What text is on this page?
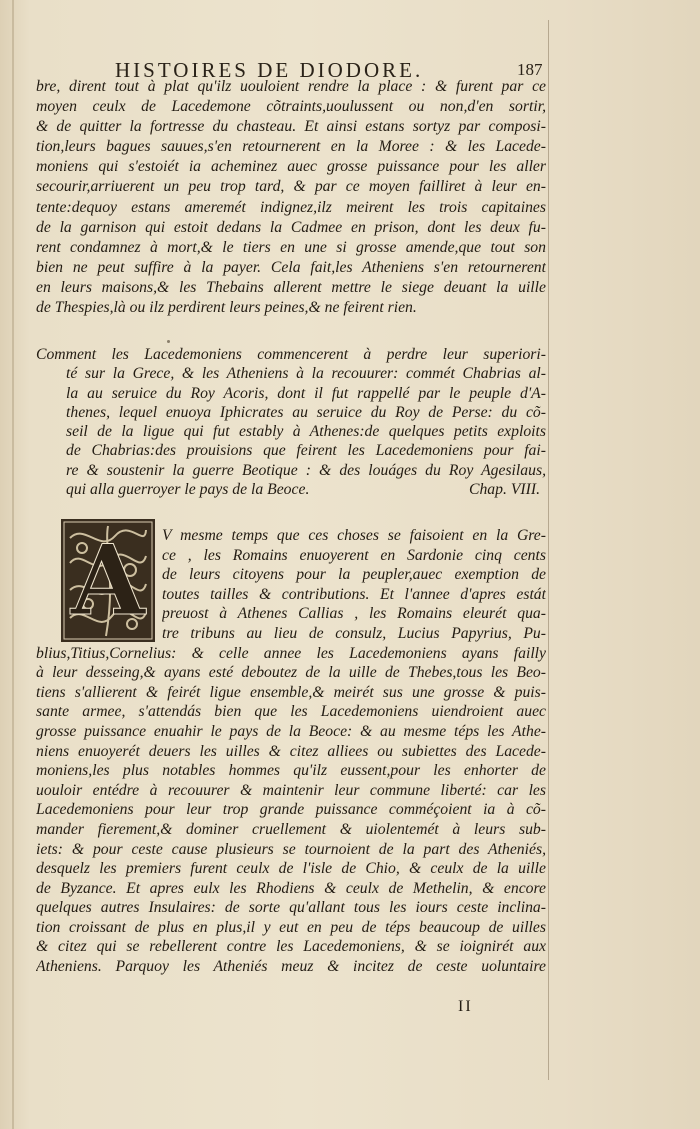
HISTOIRES DE DIODORE.	187
bre, dirent tout à plat qu'ilz uouloient rendre la place : & furent par ce
moyen ceulx de Lacedemone cõtraints,uoulussent ou non,d'en sortir,
& de quitter la fortresse du chasteau. Et ainsi estans sortyz par composi-
tion,leurs bagues sauues,s'en retournerent en la Moree : & les Lacede-
moniens qui s'estoiét ia acheminez auec grosse puissance pour les aller
secourir,arriuerent un peu trop tard, & par ce moyen failliret à leur en-
tente:dequoy estans ameremét indignez,ilz meirent les trois capitaines
de la garnison qui estoit dedans la Cadmee en prison, dont les deux fu-
rent condamnez à mort,& le tiers en une si grosse amende,que tout son
bien ne peut suffire à la payer. Cela fait,les Atheniens s'en retournerent
en leurs maisons,& les Thebains allerent mettre le siege deuant la uille
de Thespies,là ou ilz perdirent leurs peines,& ne feirent rien.
Comment les Lacedemoniens commencerent à perdre leur superiori-
té sur la Grece, & les Atheniens à la recouurer: commét Chabrias al-
la au seruice du Roy Acoris, dont il fut rappellé par le peuple d'A-
thenes, lequel enuoya Iphicrates au seruice du Roy de Perse: du cõ-
seil de la ligue qui fut estably à Athenes:de quelques petits exploits
de Chabrias:des prouisions que feirent les Lacedemoniens pour fai-
re & soustenir la guerre Beotique : & des louáges du Roy Agesilaus,
qui alla guerroyer le pays de la Beoce.	Chap. VIII.
A	V mesme temps que ces choses se faisoient en la Gre-
ce , les Romains enuoyerent en Sardonie cinq cents
de leurs citoyens pour la peupler,auec exemption de
toutes tailles & contributions. Et l'annee d'apres estát
preuost à Athenes Callias , les Romains eleurét qua-
tre tribuns au lieu de consulz, Lucius Papyrius, Pu-
blius,Titius,Cornelius: & celle annee les Lacedemoniens ayans failly
à leur desseing,& ayans esté deboutez de la uille de Thebes,tous les Beo-
tiens s'allierent & feirét ligue ensemble,& meirét sus une grosse & puis-
sante armee, s'attendás bien que les Lacedemoniens uiendroient auec
grosse puissance enuahir le pays de la Beoce: & au mesme téps les Athe-
niens enuoyerét deuers les uilles & citez alliees ou subiettes des Lacede-
moniens,les plus notables hommes qu'ilz eussent,pour les enhorter de
uouloir entédre à recouurer & maintenir leur commune liberté: car les
Lacedemoniens pour leur trop grande puissance comméçoient ia à cõ-
mander fierement,& dominer cruellement & uiolentemét à leurs sub-
iets: & pour ceste cause plusieurs se tournoient de la part des Atheniés,
desquelz les premiers furent ceulx de l'isle de Chio, & ceulx de la uille
de Byzance. Et apres eulx les Rhodiens & ceulx de Methelin, & encore
quelques autres Insulaires: de sorte qu'allant tous les iours ceste inclina-
tion croissant de plus en plus,il y eut en peu de téps beaucoup de uilles
& citez qui se rebellerent contre les Lacedemoniens, & se ioignirét aux
Atheniens. Parquoy les Atheniés meuz & incitez de ceste uoluntaire
II
